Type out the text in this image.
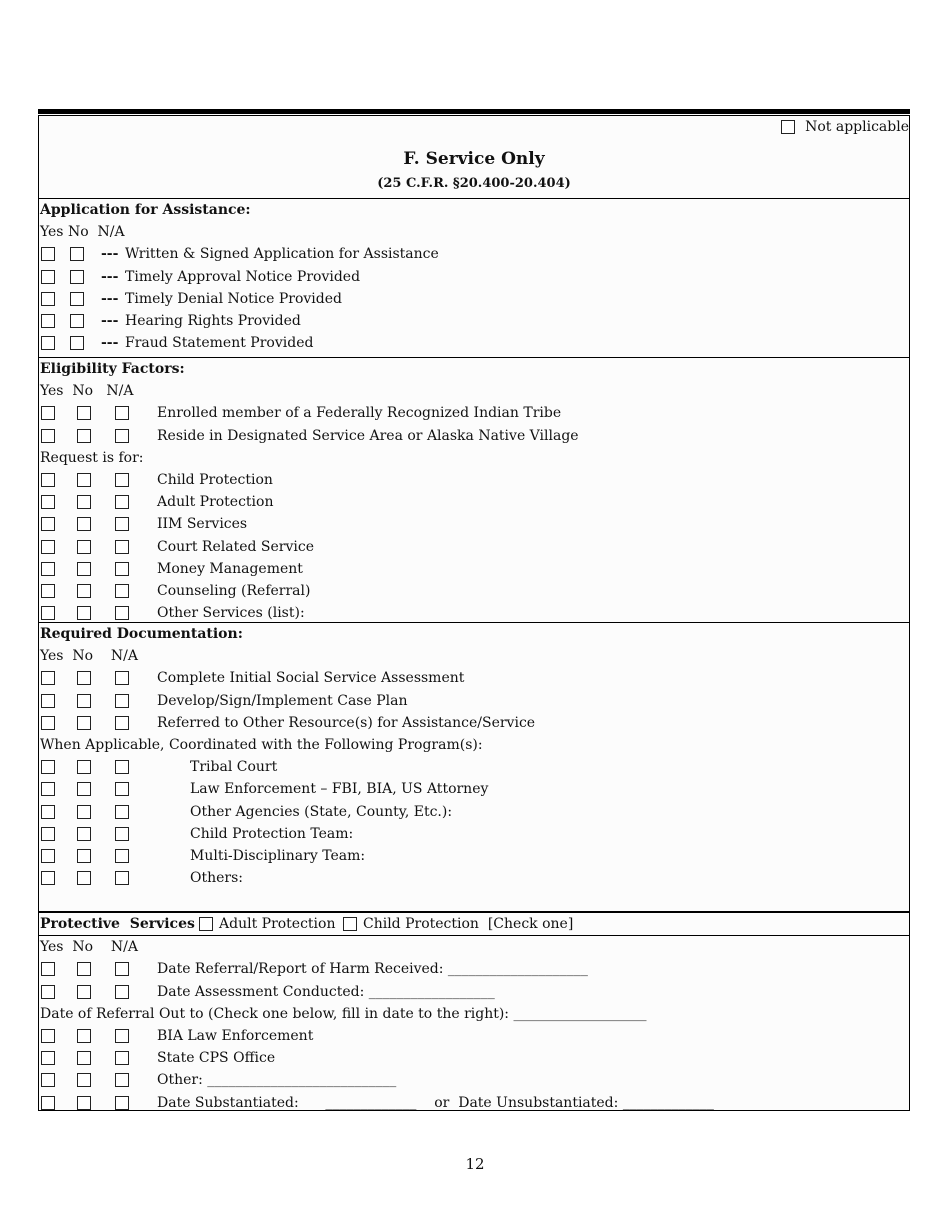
Not applicable
F. Service Only
(25 C.F.R. §20.400-20.404)
Application for Assistance:
Yes No  N/A
--- Written & Signed Application for Assistance
--- Timely Approval Notice Provided
--- Timely Denial Notice Provided
--- Hearing Rights Provided
--- Fraud Statement Provided
Eligibility Factors:
Yes  No   N/A
Enrolled member of a Federally Recognized Indian Tribe
Reside in Designated Service Area or Alaska Native Village
Request is for:
Child Protection
Adult Protection
IIM Services
Court Related Service
Money Management
Counseling (Referral)
Other Services (list):
Required Documentation:
Yes  No    N/A
Complete Initial Social Service Assessment
Develop/Sign/Implement Case Plan
Referred to Other Resource(s) for Assistance/Service
When Applicable, Coordinated with the Following Program(s):
Tribal Court
Law Enforcement – FBI, BIA, US Attorney
Other Agencies (State, County, Etc.):
Child Protection Team:
Multi-Disciplinary Team:
Others:
Protective  Services Adult Protection Child Protection  [Check one]
Yes  No    N/A
Date Referral/Report of Harm Received: ____________________
Date Assessment Conducted: __________________
Date of Referral Out to (Check one below, fill in date to the right): ___________________
BIA Law Enforcement
State CPS Office
Other: ___________________________
Date Substantiated:      _____________    or  Date Unsubstantiated: _____________
12
